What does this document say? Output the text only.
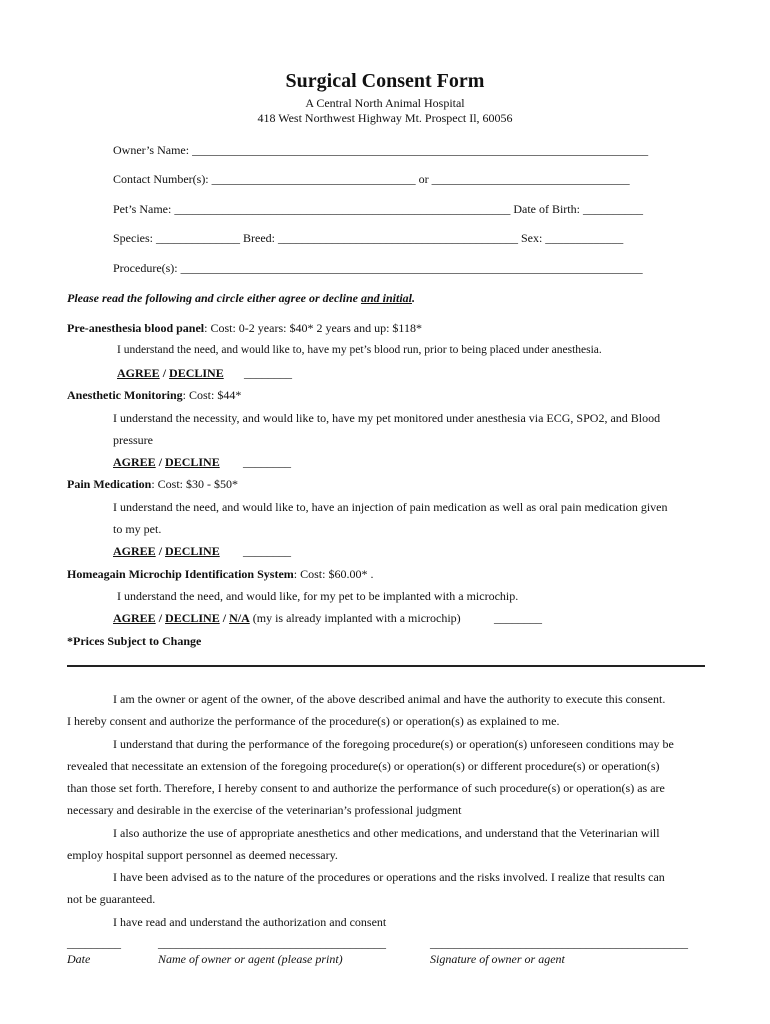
Surgical Consent Form
A Central North Animal Hospital
418 West Northwest Highway Mt. Prospect Il, 60056
Owner’s Name: ____________________________________________________________________________
Contact Number(s): __________________________________ or _________________________________
Pet’s Name: ________________________________________________________ Date of Birth: __________
Species: ______________ Breed: ________________________________________ Sex: _____________
Procedure(s): _____________________________________________________________________________
Please read the following and circle either agree or decline and initial.
Pre-anesthesia blood panel: Cost: 0-2 years: $40* 2 years and up: $118*
I understand the need, and would like to, have my pet’s blood run, prior to being placed under anesthesia.
AGREE / DECLINE ________
Anesthetic Monitoring: Cost: $44*
I understand the necessity, and would like to, have my pet monitored under anesthesia via ECG, SPO2, and Blood
pressure
AGREE / DECLINE ________
Pain Medication: Cost: $30 - $50*
I understand the need, and would like to, have an injection of pain medication as well as oral pain medication given
to my pet.
AGREE / DECLINE ________
Homeagain Microchip Identification System: Cost: $60.00* .
I understand the need, and would like, for my pet to be implanted with a microchip.
AGREE / DECLINE / N/A (my is already implanted with a microchip)	________
*Prices Subject to Change
I am the owner or agent of the owner, of the above described animal and have the authority to execute this consent.
I hereby consent and authorize the performance of the procedure(s) or operation(s) as explained to me.
I understand that during the performance of the foregoing procedure(s) or operation(s) unforeseen conditions may be
revealed that necessitate an extension of the foregoing procedure(s) or operation(s) or different procedure(s) or operation(s)
than those set forth. Therefore, I hereby consent to and authorize the performance of such procedure(s) or operation(s) as are
necessary and desirable in the exercise of the veterinarian’s professional judgment
I also authorize the use of appropriate anesthetics and other medications, and understand that the Veterinarian will
employ hospital support personnel as deemed necessary.
I have been advised as to the nature of the procedures or operations and the risks involved. I realize that results can
not be guaranteed.
I have read and understand the authorization and consent
_________	______________________________________	___________________________________________
Date	Name of owner or agent (please print)	Signature of owner or agent
